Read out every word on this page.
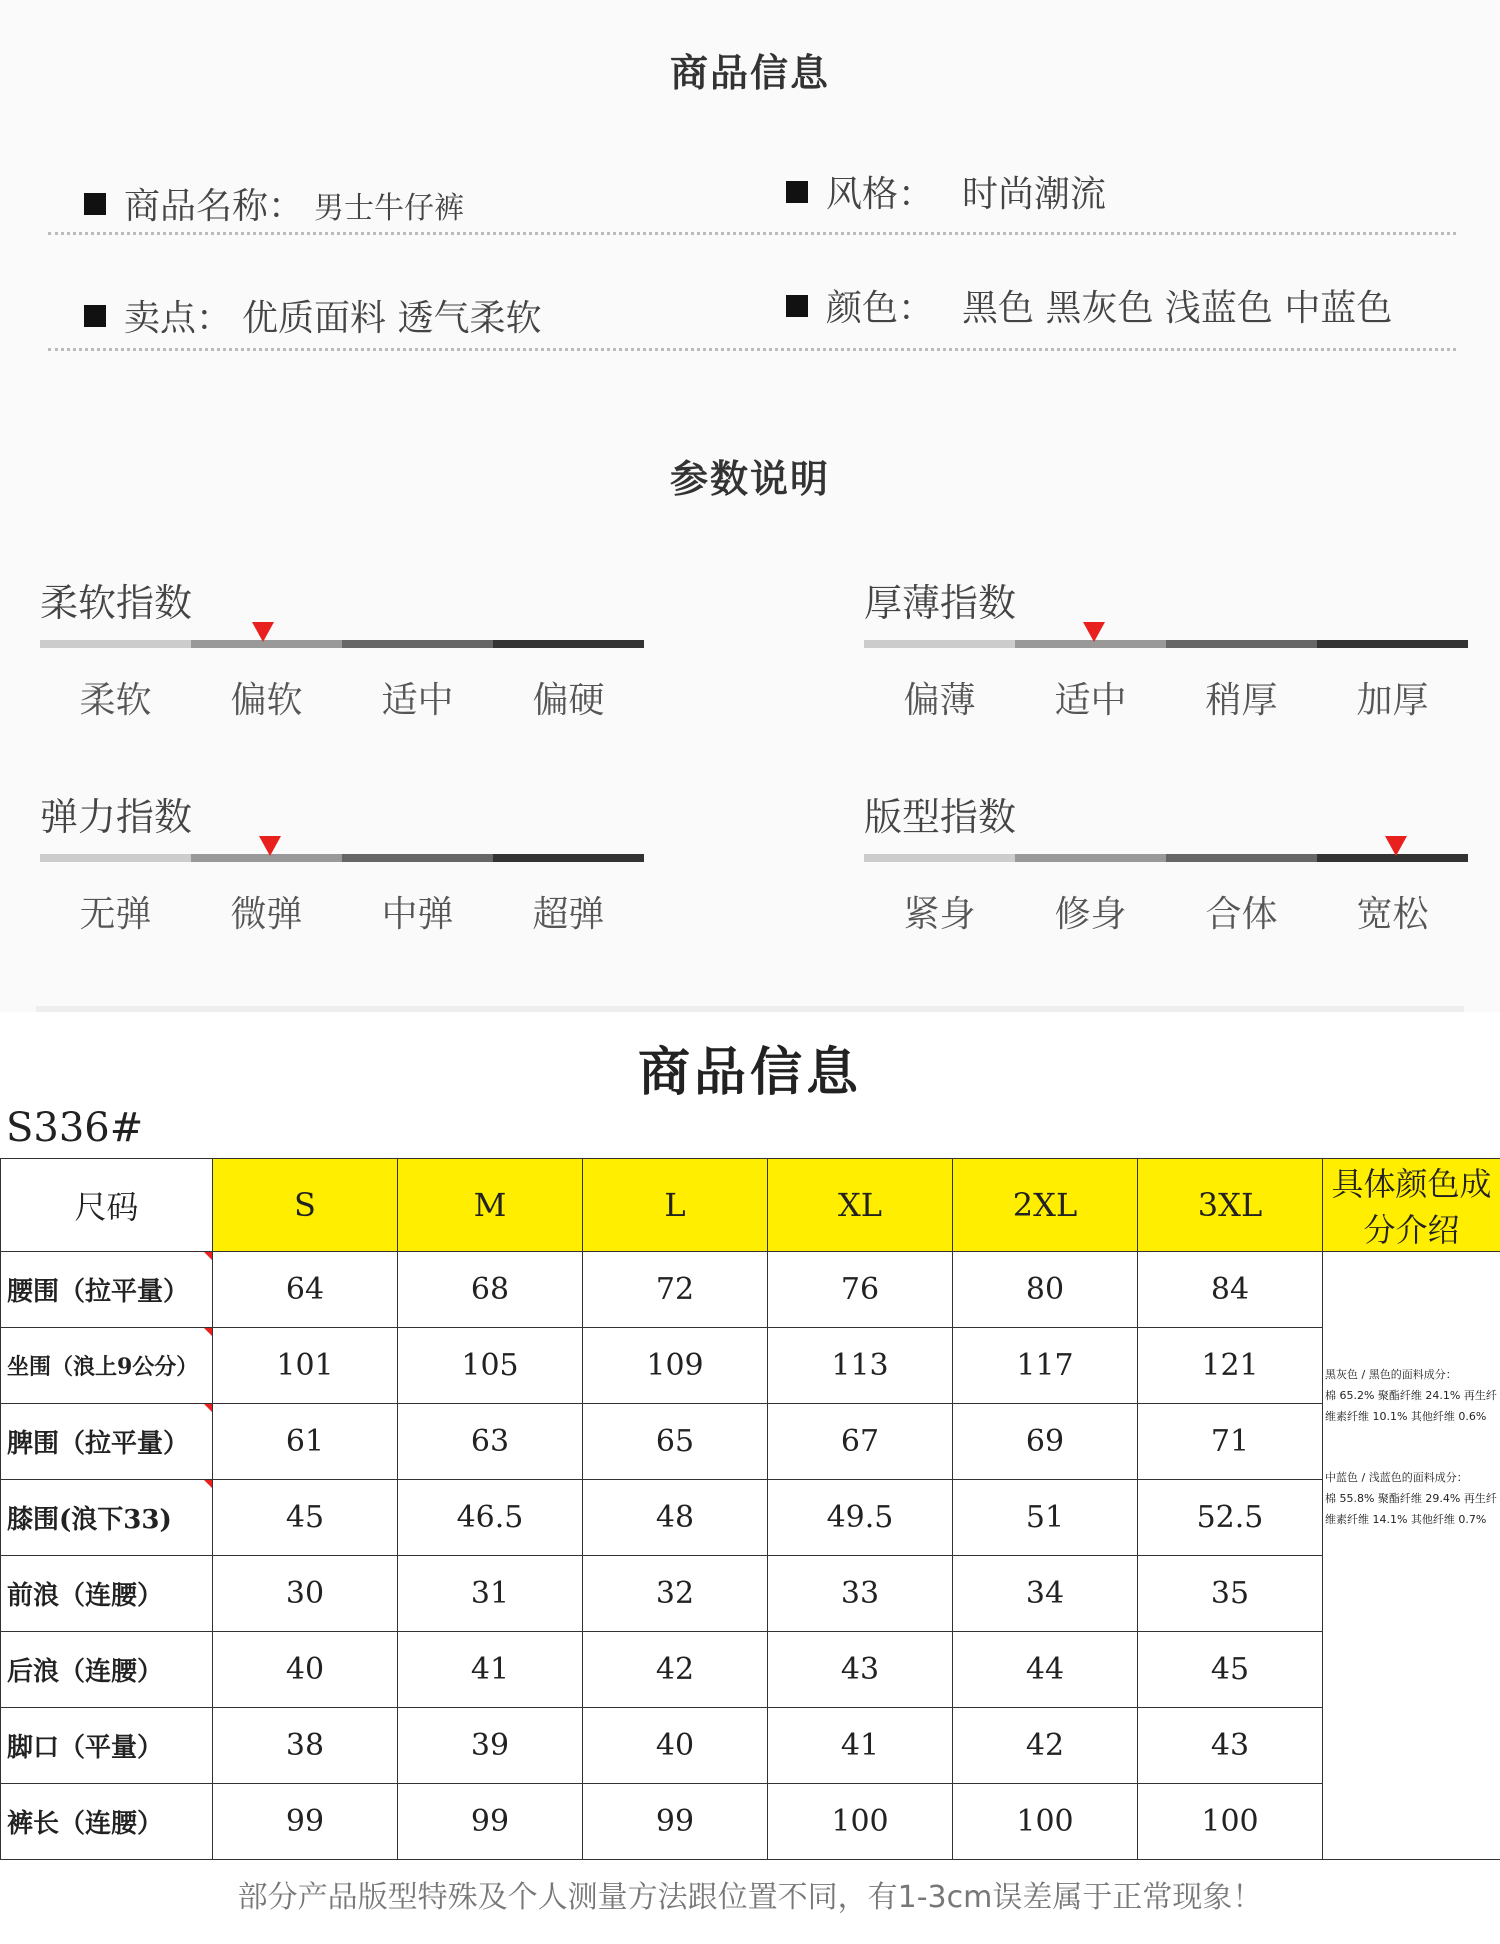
商品信息
商品名称： 男士牛仔裤	风格： 时尚潮流
卖点： 优质面料 透气柔软	颜色： 黑色 黑灰色 浅蓝色 中蓝色
参数说明
柔软指数
柔软	偏软	适中	偏硬
厚薄指数
偏薄	适中	稍厚	加厚
弹力指数
无弹	微弹	中弹	超弹
版型指数
紧身	修身	合体	宽松
商品信息
S336#
尺码	S	M	L	XL	2XL	3XL	具体颜色成分介绍
腰围（拉平量）	64	68	72	76	80	84	黑灰色 / 黑色的面料成分：
棉 65.2% 聚酯纤维 24.1% 再生纤维素纤维 10.1% 其他纤维 0.6%
中蓝色 / 浅蓝色的面料成分：
棉 55.8% 聚酯纤维 29.4% 再生纤维素纤维 14.1% 其他纤维 0.7%

坐围（浪上9公分）	101	105	109	113	117	121	
脾围（拉平量）	61	63	65	67	69	71	
膝围(浪下33)	45	46.5	48	49.5	51	52.5	
前浪（连腰）	30	31	32	33	34	35	
后浪（连腰）	40	41	42	43	44	45	
脚口（平量）	38	39	40	41	42	43	
裤长（连腰）	99	99	99	100	100	100	
部分产品版型特殊及个人测量方法跟位置不同，有1-3cm误差属于正常现象！
